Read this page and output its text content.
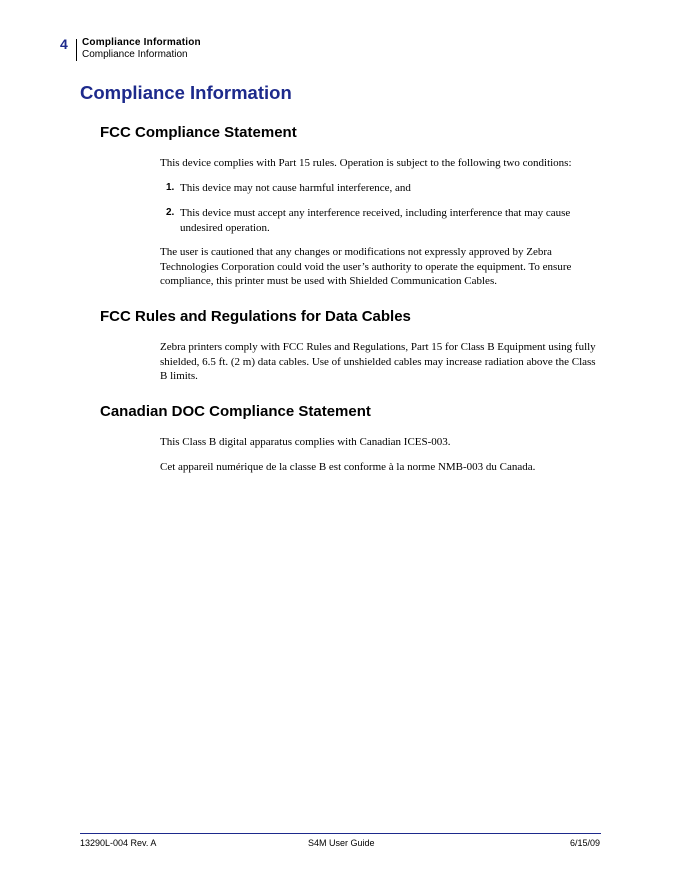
4 Compliance Information
Compliance Information
Compliance Information
FCC Compliance Statement
This device complies with Part 15 rules. Operation is subject to the following two conditions:
1. This device may not cause harmful interference, and
2. This device must accept any interference received, including interference that may cause undesired operation.
The user is cautioned that any changes or modifications not expressly approved by Zebra Technologies Corporation could void the user’s authority to operate the equipment. To ensure compliance, this printer must be used with Shielded Communication Cables.
FCC Rules and Regulations for Data Cables
Zebra printers comply with FCC Rules and Regulations, Part 15 for Class B Equipment using fully shielded, 6.5 ft. (2 m) data cables. Use of unshielded cables may increase radiation above the Class B limits.
Canadian DOC Compliance Statement
This Class B digital apparatus complies with Canadian ICES-003.
Cet appareil numérique de la classe B est conforme à la norme NMB-003 du Canada.
13290L-004 Rev. A	S4M User Guide	6/15/09
